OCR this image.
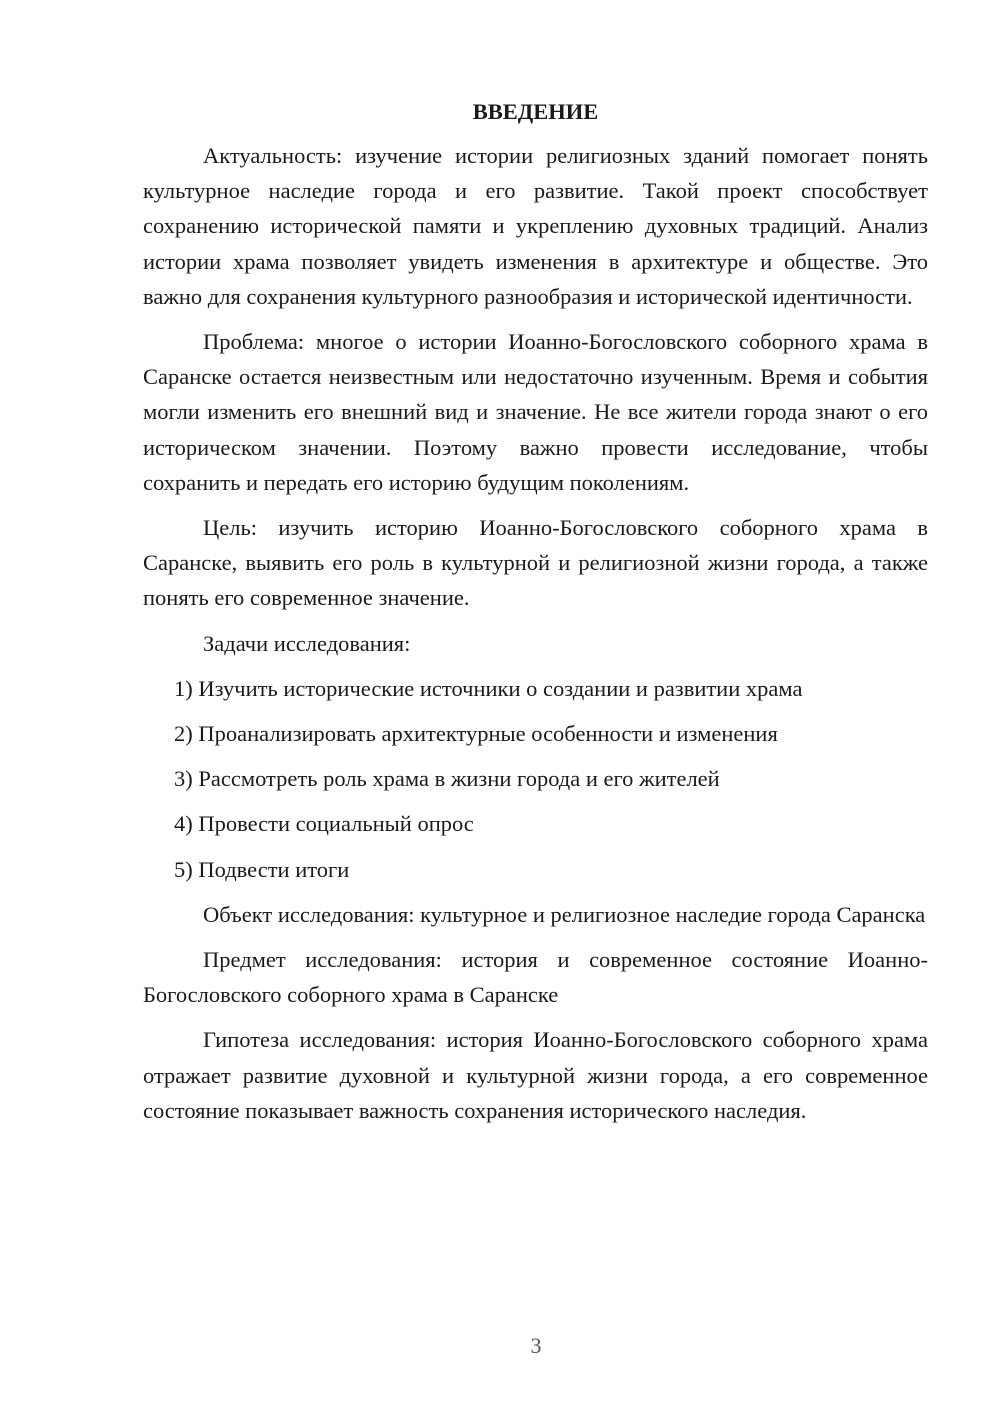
ВВЕДЕНИЕ

Актуальность: изучение истории религиозных зданий помогает понять культурное наследие города и его развитие. Такой проект способствует сохранению исторической памяти и укреплению духовных традиций. Анализ истории храма позволяет увидеть изменения в архитектуре и обществе. Это важно для сохранения культурного разнообразия и исторической идентичности.

Проблема: многое о истории Иоанно-Богословского соборного храма в Саранске остается неизвестным или недостаточно изученным. Время и события могли изменить его внешний вид и значение. Не все жители города знают о его историческом значении. Поэтому важно провести исследование, чтобы сохранить и передать его историю будущим поколениям.

Цель: изучить историю Иоанно-Богословского соборного храма в Саранске, выявить его роль в культурной и религиозной жизни города, а также понять его современное значение.

Задачи исследования:

1) Изучить исторические источники о создании и развитии храма

2) Проанализировать архитектурные особенности и изменения

3) Рассмотреть роль храма в жизни города и его жителей

4) Провести социальный опрос

5) Подвести итоги

Объект исследования: культурное и религиозное наследие города Саранска

Предмет исследования: история и современное состояние Иоанно-Богословского соборного храма в Саранске

Гипотеза исследования: история Иоанно-Богословского соборного храма отражает развитие духовной и культурной жизни города, а его современное состояние показывает важность сохранения исторического наследия.

3
